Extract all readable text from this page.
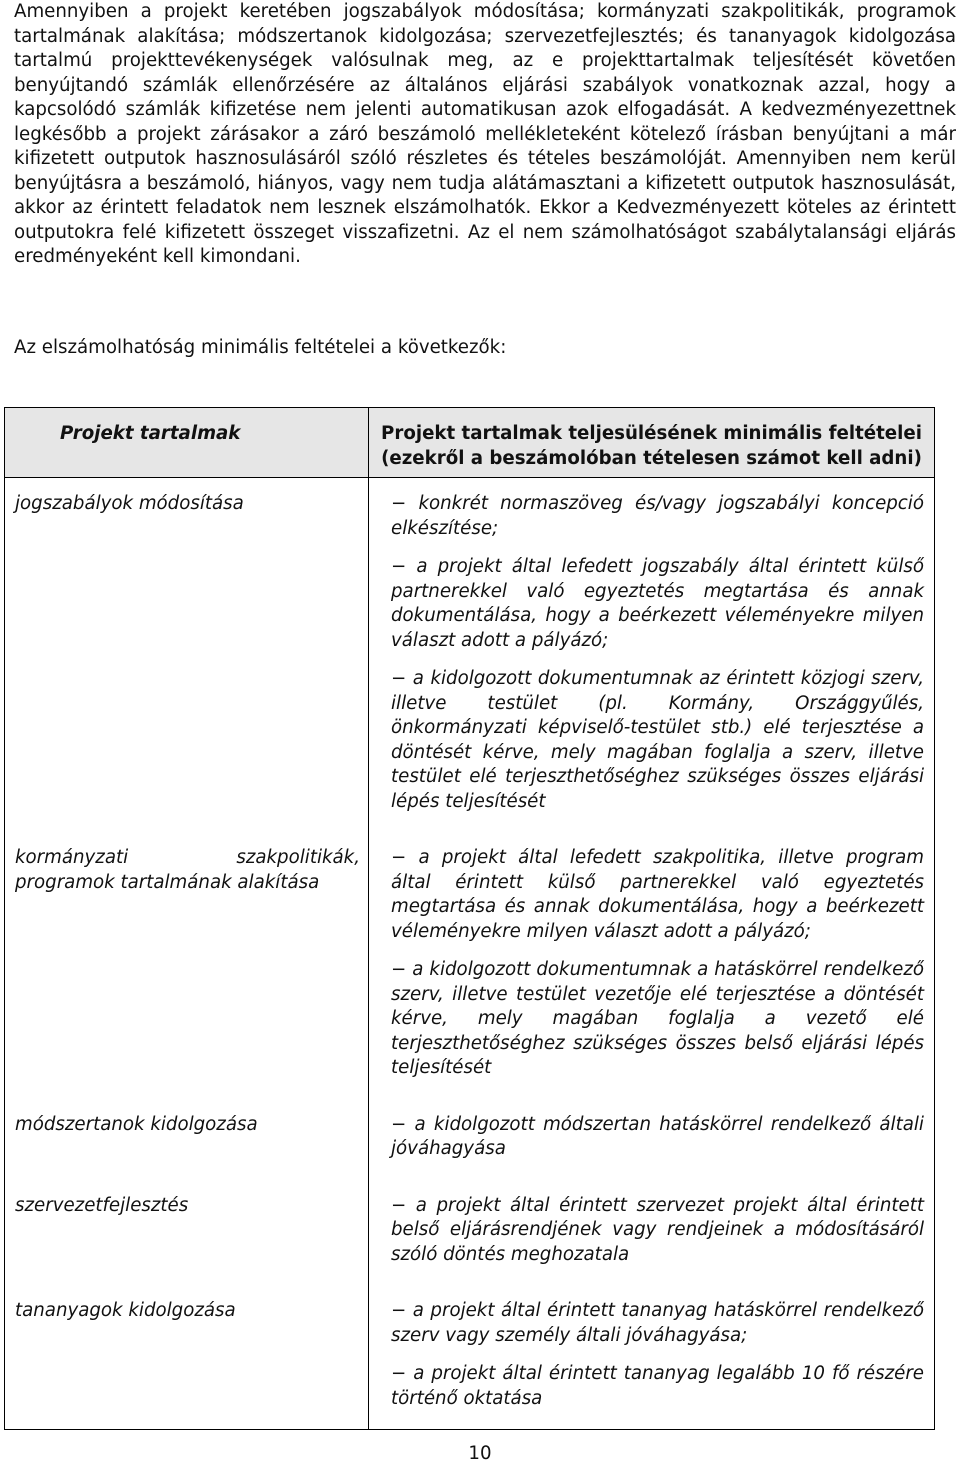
Amennyiben a projekt keretében jogszabályok módosítása; kormányzati szakpolitikák, programok tartalmának alakítása; módszertanok kidolgozása; szervezetfejlesztés; és tananyagok kidolgozása tartalmú projekttevékenységek valósulnak meg, az e projekttartalmak teljesítését követően benyújtandó számlák ellenőrzésére az általános eljárási szabályok vonatkoznak azzal, hogy a kapcsolódó számlák kifizetése nem jelenti automatikusan azok elfogadását. A kedvezményezettnek legkésőbb a projekt zárásakor a záró beszámoló mellékleteként kötelező írásban benyújtani a már kifizetett outputok hasznosulásáról szóló részletes és tételes beszámolóját. Amennyiben nem kerül benyújtásra a beszámoló, hiányos, vagy nem tudja alátámasztani a kifizetett outputok hasznosulását, akkor az érintett feladatok nem lesznek elszámolhatók. Ekkor a Kedvezményezett köteles az érintett outputokra felé kifizetett összeget visszafizetni. Az el nem számolhatóságot szabálytalansági eljárás eredményeként kell kimondani.

Az elszámolhatóság minimális feltételei a következők:

Projekt tartalmak	Projekt tartalmak teljesülésének minimális feltételei (ezekről a beszámolóban tételesen számot kell adni)
jogszabályok módosítása	− konkrét normaszöveg és/vagy jogszabályi koncepció elkészítése;

− a projekt által lefedett jogszabály által érintett külső partnerekkel való egyeztetés megtartása és annak dokumentálása, hogy a beérkezett véleményekre milyen választ adott a pályázó;

− a kidolgozott dokumentumnak az érintett közjogi szerv, illetve testület (pl. Kormány, Országgyűlés, önkormányzati képviselő-testület stb.) elé terjesztése a döntését kérve, mely magában foglalja a szerv, illetve testület elé terjeszthetőséghez szükséges összes eljárási lépés teljesítését

kormányzati szakpolitikák, programok tartalmának alakítása	− a projekt által lefedett szakpolitika, illetve program által érintett külső partnerekkel való egyeztetés megtartása és annak dokumentálása, hogy a beérkezett véleményekre milyen választ adott a pályázó;

− a kidolgozott dokumentumnak a hatáskörrel rendelkező szerv, illetve testület vezetője elé terjesztése a döntését kérve, mely magában foglalja a vezető elé terjeszthetőséghez szükséges összes belső eljárási lépés teljesítését

módszertanok kidolgozása	− a kidolgozott módszertan hatáskörrel rendelkező általi jóváhagyása

szervezetfejlesztés	− a projekt által érintett szervezet projekt által érintett belső eljárásrendjének vagy rendjeinek a módosításáról szóló döntés meghozatala

tananyagok kidolgozása	− a projekt által érintett tananyag hatáskörrel rendelkező szerv vagy személy általi jóváhagyása;

− a projekt által érintett tananyag legalább 10 fő részére történő oktatása

10
